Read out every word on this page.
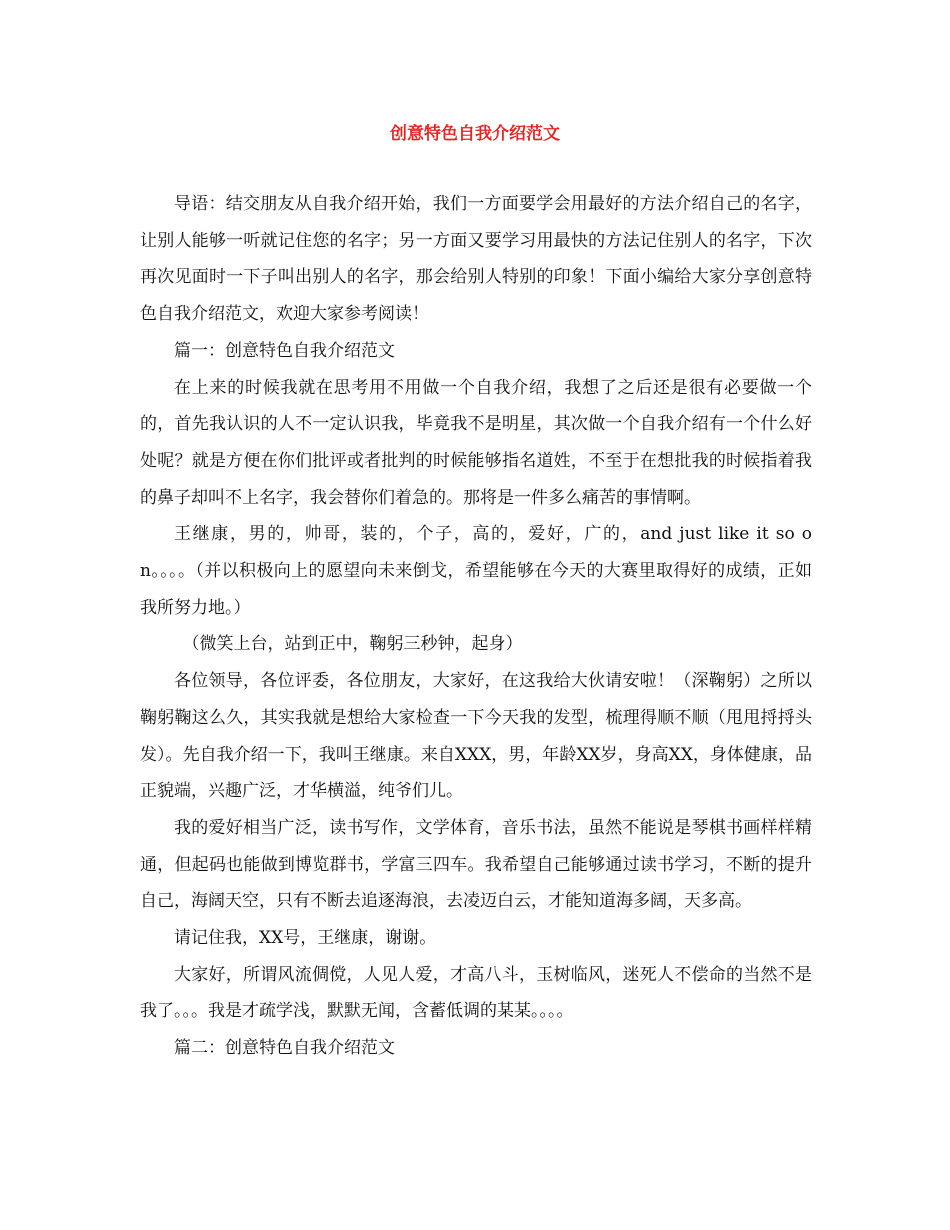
创意特色自我介绍范文

导语：结交朋友从自我介绍开始，我们一方面要学会用最好的方法介绍自己的名字，让别人能够一听就记住您的名字；另一方面又要学习用最快的方法记住别人的名字，下次再次见面时一下子叫出别人的名字，那会给别人特别的印象！下面小编给大家分享创意特色自我介绍范文，欢迎大家参考阅读！

篇一：创意特色自我介绍范文

在上来的时候我就在思考用不用做一个自我介绍，我想了之后还是很有必要做一个的，首先我认识的人不一定认识我，毕竟我不是明星，其次做一个自我介绍有一个什么好处呢？就是方便在你们批评或者批判的时候能够指名道姓，不至于在想批我的时候指着我的鼻子却叫不上名字，我会替你们着急的。那将是一件多么痛苦的事情啊。

王继康，男的，帅哥，装的，个子，高的，爱好，广的，and just like it so on。。。。（并以积极向上的愿望向未来倒戈，希望能够在今天的大赛里取得好的成绩，正如我所努力地。）

（微笑上台，站到正中，鞠躬三秒钟，起身）

各位领导，各位评委，各位朋友，大家好，在这我给大伙请安啦！（深鞠躬）之所以鞠躬鞠这么久，其实我就是想给大家检查一下今天我的发型，梳理得顺不顺（甩甩捋捋头发）。先自我介绍一下，我叫王继康。来自XXX，男，年龄XX岁，身高XX，身体健康，品正貌端，兴趣广泛，才华横溢，纯爷们儿。

我的爱好相当广泛，读书写作，文学体育，音乐书法，虽然不能说是琴棋书画样样精通，但起码也能做到博览群书，学富三四车。我希望自己能够通过读书学习，不断的提升自己，海阔天空，只有不断去追逐海浪，去凌迈白云，才能知道海多阔，天多高。

请记住我，XX号，王继康，谢谢。

大家好，所谓风流倜傥，人见人爱，才高八斗，玉树临风，迷死人不偿命的当然不是我了。。。我是才疏学浅，默默无闻，含蓄低调的某某。。。。

篇二：创意特色自我介绍范文
